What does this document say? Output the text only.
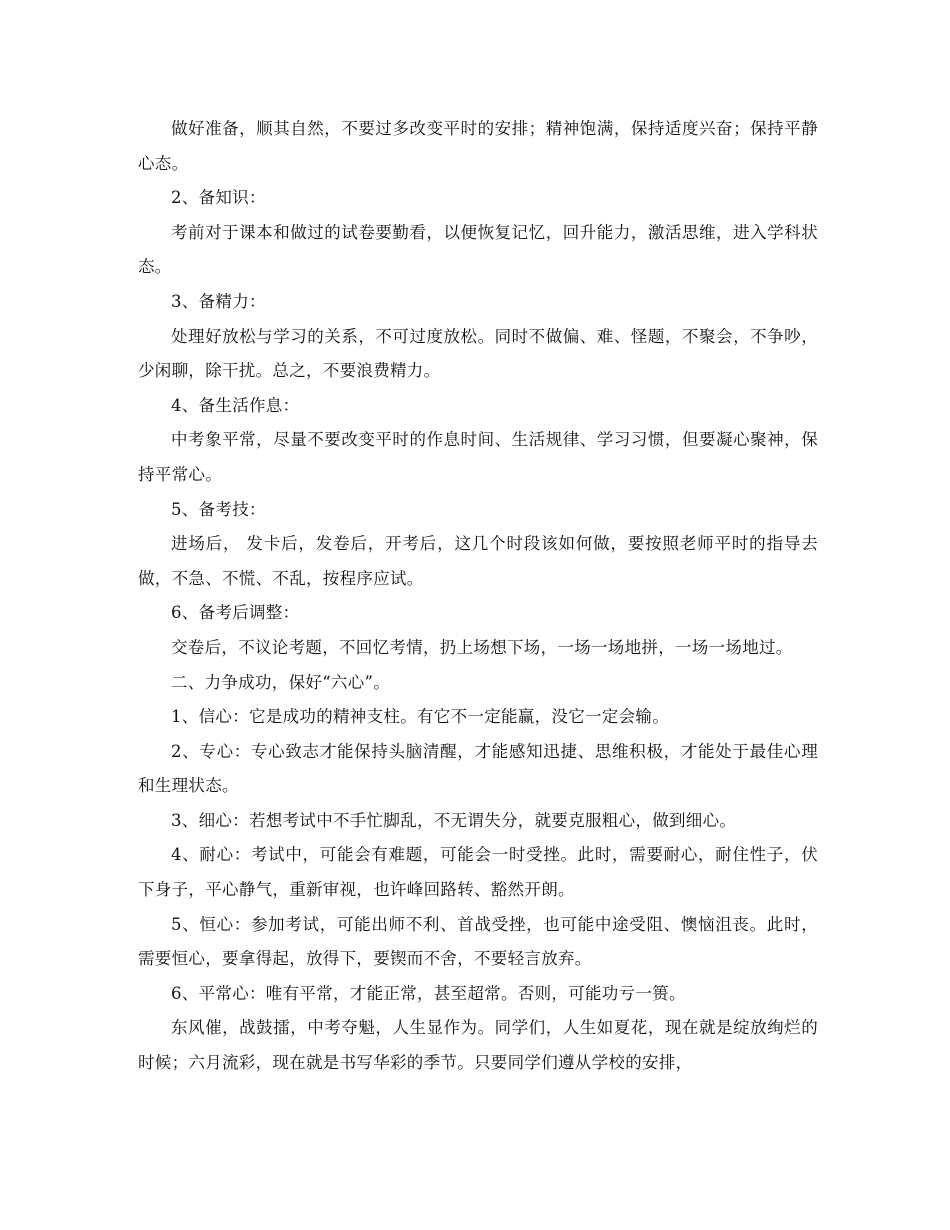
做好准备，顺其自然，不要过多改变平时的安排；精神饱满，保持适度兴奋；保持平静心态。

2、备知识：

考前对于课本和做过的试卷要勤看，以便恢复记忆，回升能力，激活思维，进入学科状态。

3、备精力：

处理好放松与学习的关系，不可过度放松。同时不做偏、难、怪题，不聚会，不争吵，少闲聊，除干扰。总之，不要浪费精力。

4、备生活作息：

中考象平常，尽量不要改变平时的作息时间、生活规律、学习习惯，但要凝心聚神，保持平常心。

5、备考技：

进场后， 发卡后，发卷后，开考后，这几个时段该如何做，要按照老师平时的指导去做，不急、不慌、不乱，按程序应试。

6、备考后调整：

交卷后，不议论考题，不回忆考情，扔上场想下场，一场一场地拼，一场一场地过。

二、力争成功，保好“六心”。

1、信心：它是成功的精神支柱。有它不一定能赢，没它一定会输。

2、专心：专心致志才能保持头脑清醒，才能感知迅捷、思维积极，才能处于最佳心理和生理状态。

3、细心：若想考试中不手忙脚乱，不无谓失分，就要克服粗心，做到细心。

4、耐心：考试中，可能会有难题，可能会一时受挫。此时，需要耐心，耐住性子，伏下身子，平心静气，重新审视，也许峰回路转、豁然开朗。

5、恒心：参加考试，可能出师不利、首战受挫，也可能中途受阻、懊恼沮丧。此时，需要恒心，要拿得起，放得下，要锲而不舍，不要轻言放弃。

6、平常心：唯有平常，才能正常，甚至超常。否则，可能功亏一篑。

东风催，战鼓擂，中考夺魁，人生显作为。同学们，人生如夏花，现在就是绽放绚烂的时候；六月流彩，现在就是书写华彩的季节。只要同学们遵从学校的安排，
